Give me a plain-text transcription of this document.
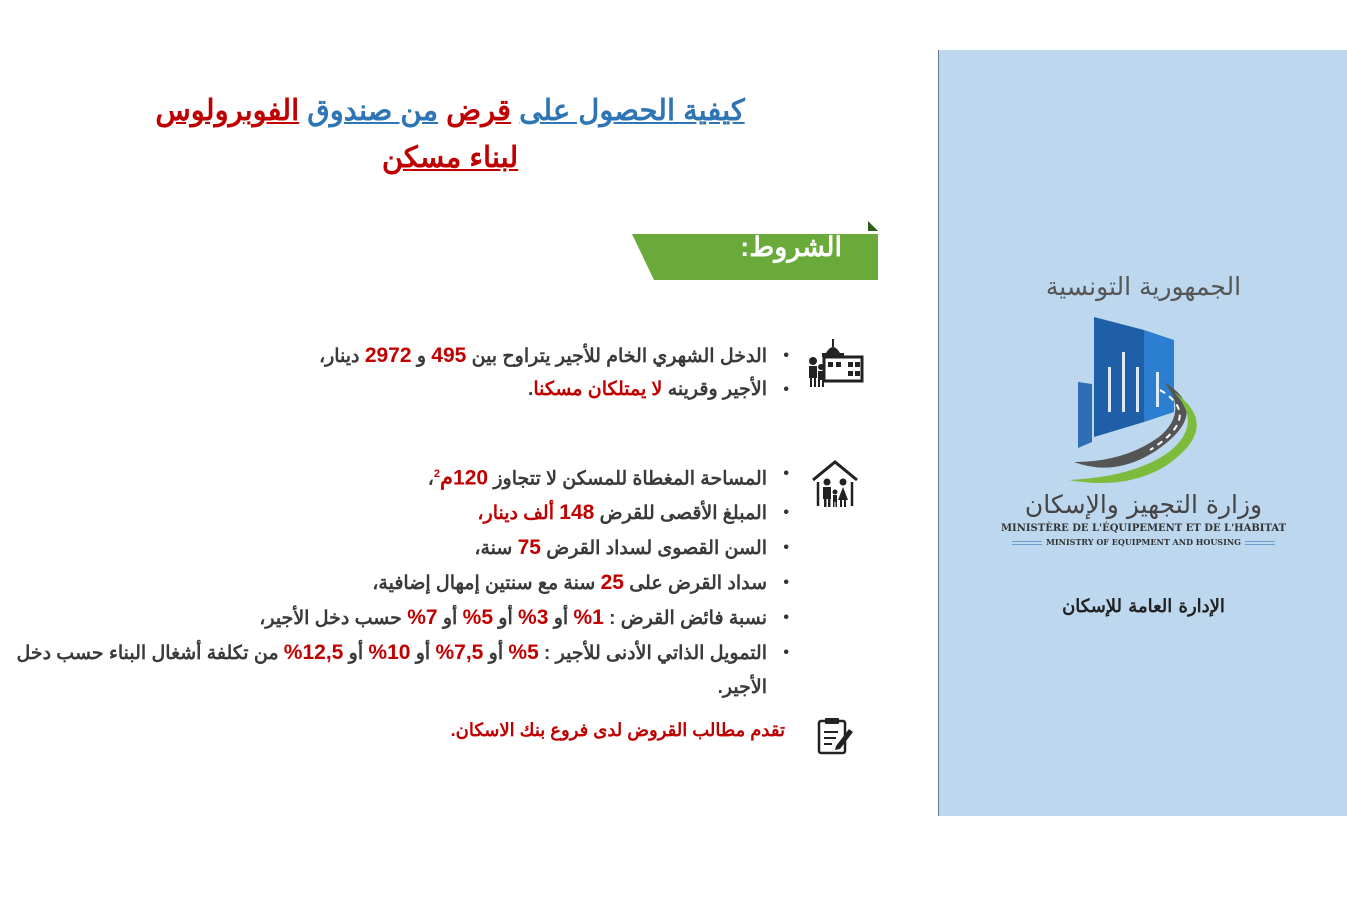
كيفية الحصول على قرض من صندوق الفوبرولوس
لبناء مسكن
الشروط:
• الدخل الشهري الخام للأجير يتراوح بين 495 و 2972 دينار،
• الأجير وقرينه لا يمتلكان مسكنا.
• المساحة المغطاة للمسكن لا تتجاوز 120م$^2$،
• المبلغ الأقصى للقرض 148 ألف دينار،
• السن القصوى لسداد القرض 75 سنة،
• سداد القرض على 25 سنة مع سنتين إمهال إضافية،
• نسبة فائض القرض : 1% أو 3% أو 5% أو 7% حسب دخل الأجير،
• التمويل الذاتي الأدنى للأجير : 5% أو 7,5% أو 10% أو 12,5% من تكلفة أشغال البناء حسب دخل الأجير.
تقدم مطالب القروض لدى فروع بنك الاسكان.
الجمهورية التونسية
وزارة التجهيز والإسكان
MINISTÈRE DE L'ÉQUIPEMENT ET DE L'HABITAT
MINISTRY OF EQUIPMENT AND HOUSING
الإدارة العامة للإسكان
